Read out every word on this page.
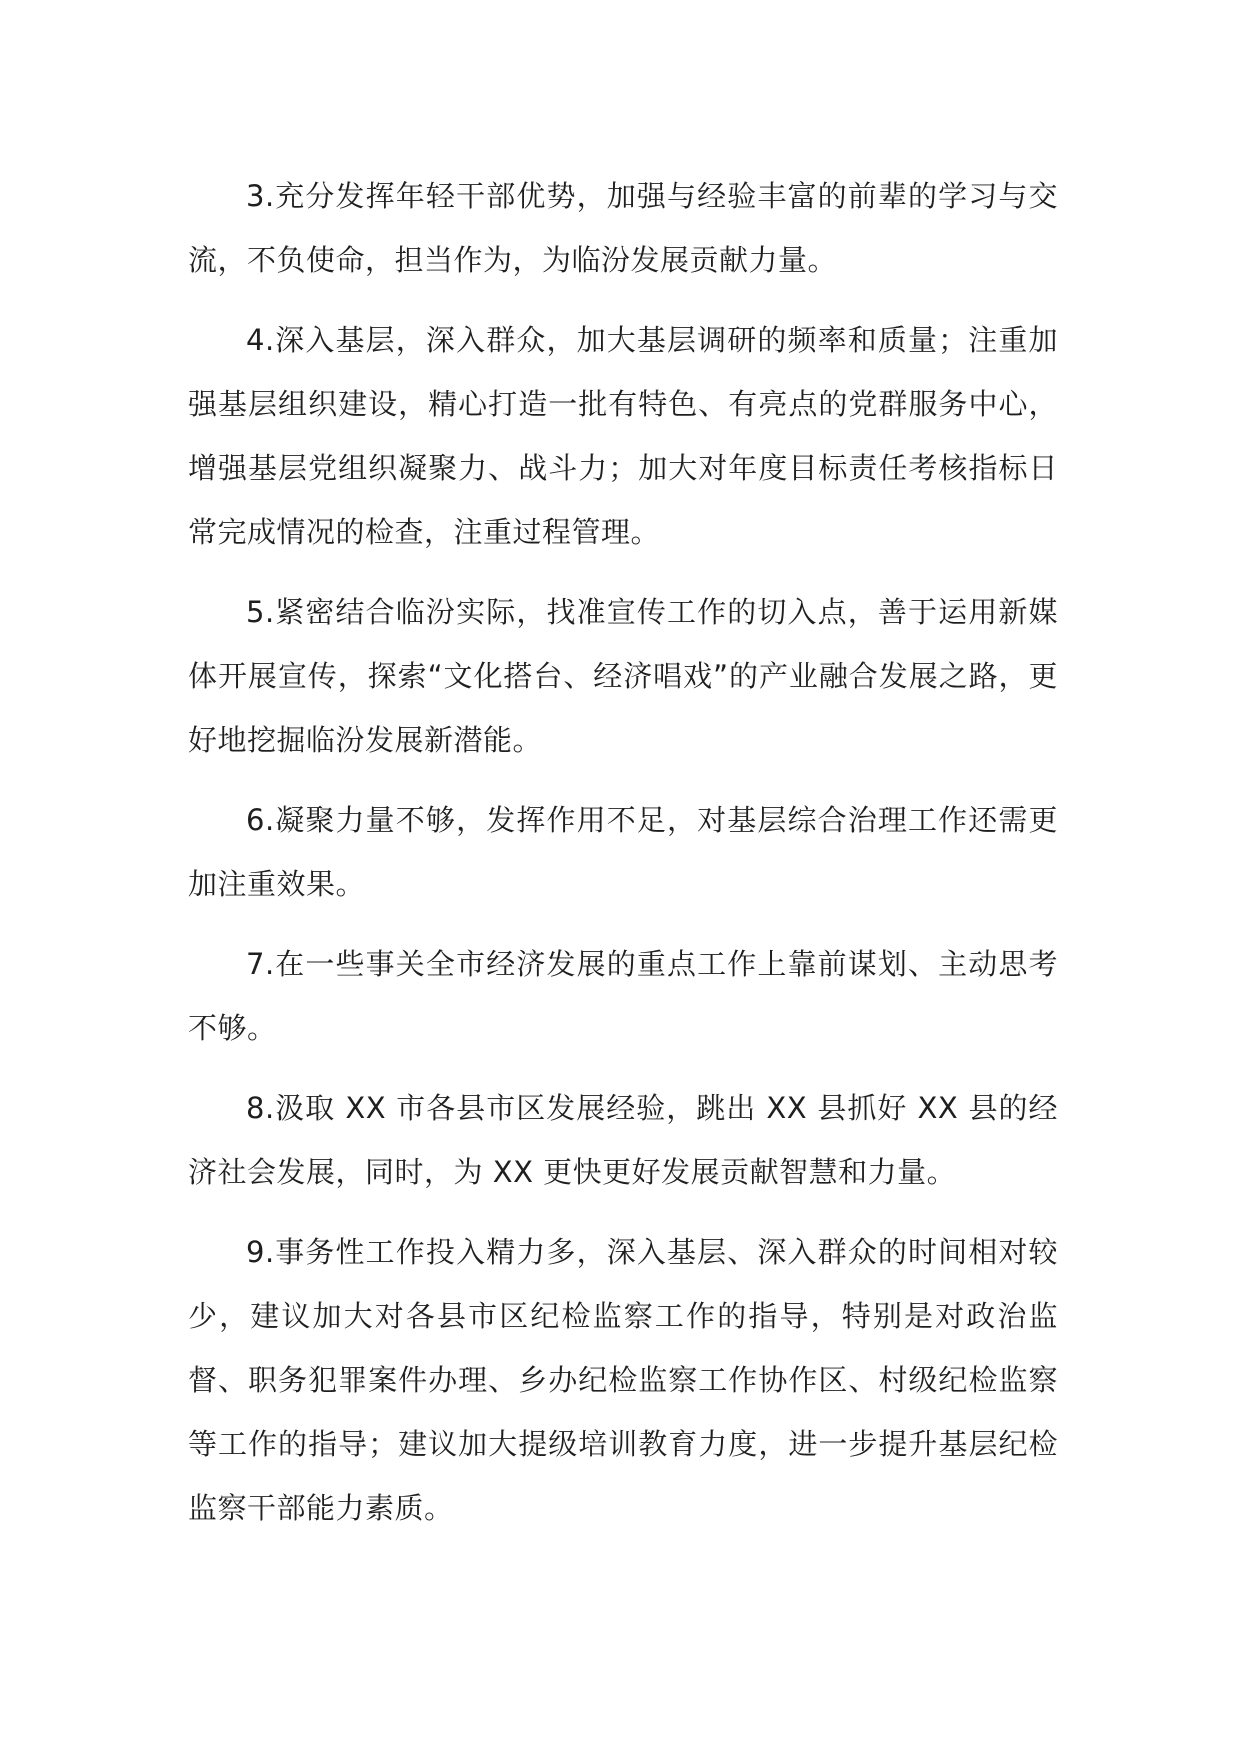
3.充分发挥年轻干部优势，加强与经验丰富的前辈的学习与交流，不负使命，担当作为，为临汾发展贡献力量。

4.深入基层，深入群众，加大基层调研的频率和质量；注重加强基层组织建设，精心打造一批有特色、有亮点的党群服务中心，增强基层党组织凝聚力、战斗力；加大对年度目标责任考核指标日常完成情况的检查，注重过程管理。

5.紧密结合临汾实际，找准宣传工作的切入点，善于运用新媒体开展宣传，探索“文化搭台、经济唱戏”的产业融合发展之路，更好地挖掘临汾发展新潜能。

6.凝聚力量不够，发挥作用不足，对基层综合治理工作还需更加注重效果。

7.在一些事关全市经济发展的重点工作上靠前谋划、主动思考不够。

8.汲取 XX 市各县市区发展经验，跳出 XX 县抓好 XX 县的经济社会发展，同时，为 XX 更快更好发展贡献智慧和力量。

9.事务性工作投入精力多，深入基层、深入群众的时间相对较少，建议加大对各县市区纪检监察工作的指导，特别是对政治监督、职务犯罪案件办理、乡办纪检监察工作协作区、村级纪检监察等工作的指导；建议加大提级培训教育力度，进一步提升基层纪检监察干部能力素质。
